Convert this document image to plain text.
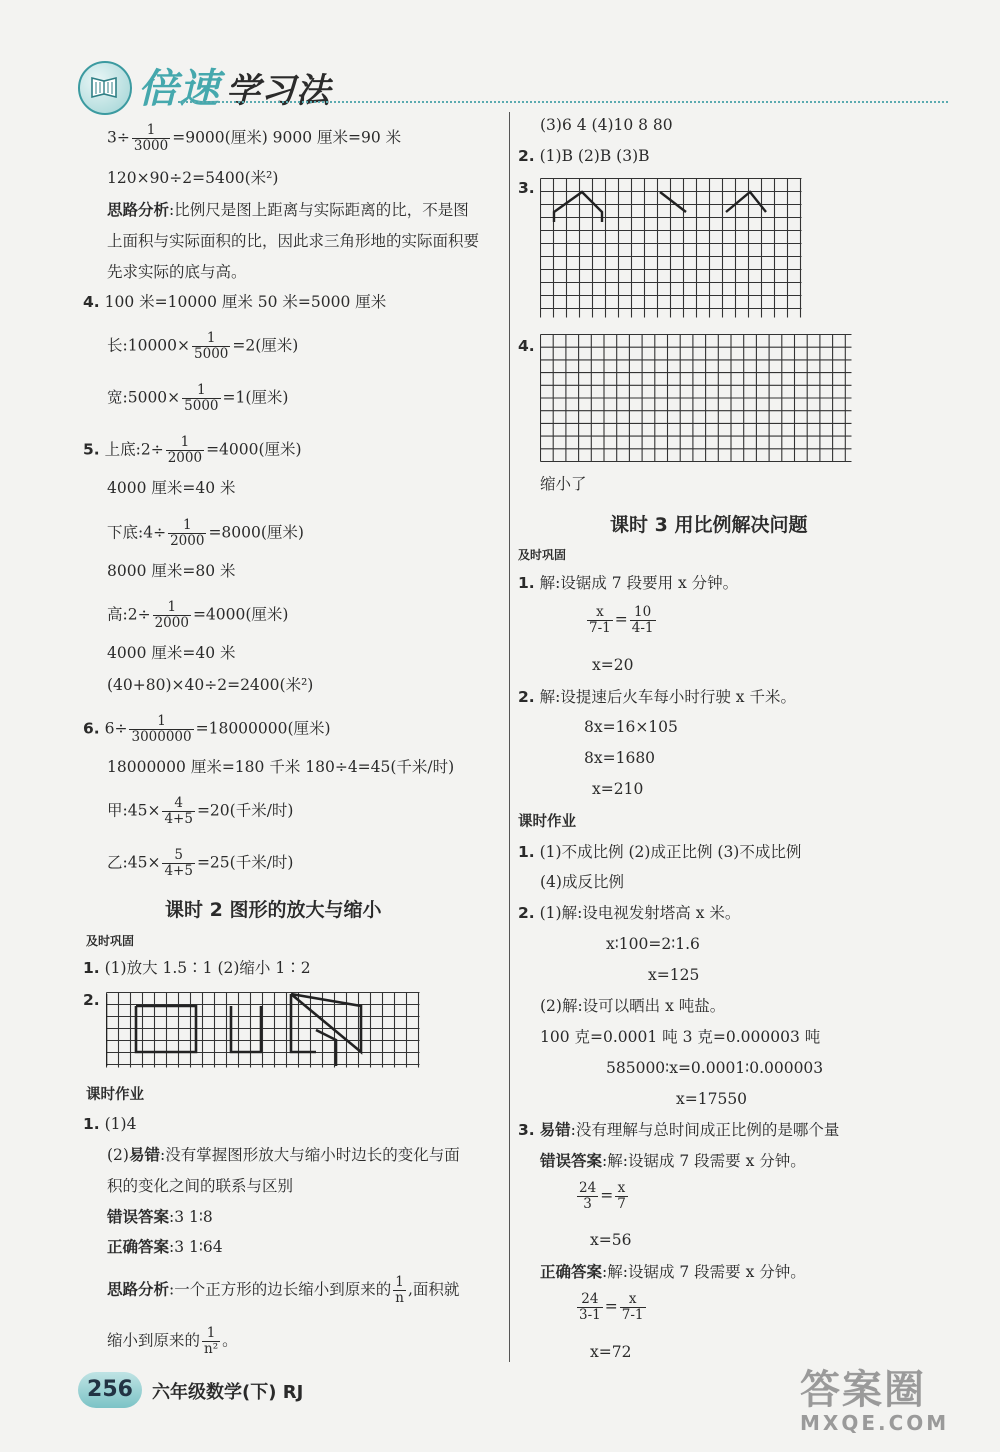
倍速 学习法
$3\div \frac{1}{3000} =9000$(厘米) 9000 厘米=90 米
120×90÷2=5400(米²)
思路分析:比例尺是图上距离与实际距离的比，不是图
上面积与实际面积的比，因此求三角形地的实际面积要
先求实际的底与高。
4. 100 米=10000 厘米 50 米=5000 厘米
长:10000× $\frac{1}{5000} =2$(厘米)
宽:5000× $\frac{1}{5000} =1$(厘米)
5. 上底:2÷ $\frac{1}{2000} =4000$(厘米)
4000 厘米=40 米
下底:4÷ $\frac{1}{2000} =8000$(厘米)
8000 厘米=80 米
高:2÷ $\frac{1}{2000} =4000$(厘米)
4000 厘米=40 米
(40+80)×40÷2=2400(米²)
6. $6\div \frac{1}{3000000} =18000000$(厘米)
18000000 厘米=180 千米 180÷4=45(千米/时)
甲:45× $\frac{4}{4+5} =20$(千米/时)
乙:45× $\frac{5}{4+5} =25$(千米/时)
课时 2 图形的放大与缩小
及时巩固
1. (1)放大 1.5∶1 (2)缩小 1∶2
2.
课时作业
1. (1)4
(2)易错:没有掌握图形放大与缩小时边长的变化与面
积的变化之间的联系与区别
错误答案:3 1∶8
正确答案:3 1∶64
思路分析:一个正方形的边长缩小到原来的 $\frac{1}{n}$ ,面积就
缩小到原来的 $\frac{1}{\text{n²}}$ 。
(3)6 4 (4)10 8 80
2. (1)B (2)B (3)B
3.
4.
缩小了
课时 3 用比例解决问题
及时巩固
1. 解:设锯成 7 段要用 x 分钟。
$\frac{x}{7-1} = \frac{10}{4-1}$
x=20
2. 解:设提速后火车每小时行驶 x 千米。
8x=16×105
8x=1680
x=210
课时作业
1. (1)不成比例 (2)成正比例 (3)不成比例
(4)成反比例
2. (1)解:设电视发射塔高 x 米。
x∶100=2∶1.6
x=125
(2)解:设可以晒出 x 吨盐。
100 克=0.0001 吨 3 克=0.000003 吨
585000∶x=0.0001∶0.000003
x=17550
3. 易错:没有理解与总时间成正比例的是哪个量
错误答案:解:设锯成 7 段需要 x 分钟。
$\frac{24}{3} = \frac{x}{7}$
x=56
正确答案:解:设锯成 7 段需要 x 分钟。
$\frac{24}{3-1} = \frac{x}{7-1}$
x=72
256	六年级数学(下) RJ	答案圈
MXQE.COM
